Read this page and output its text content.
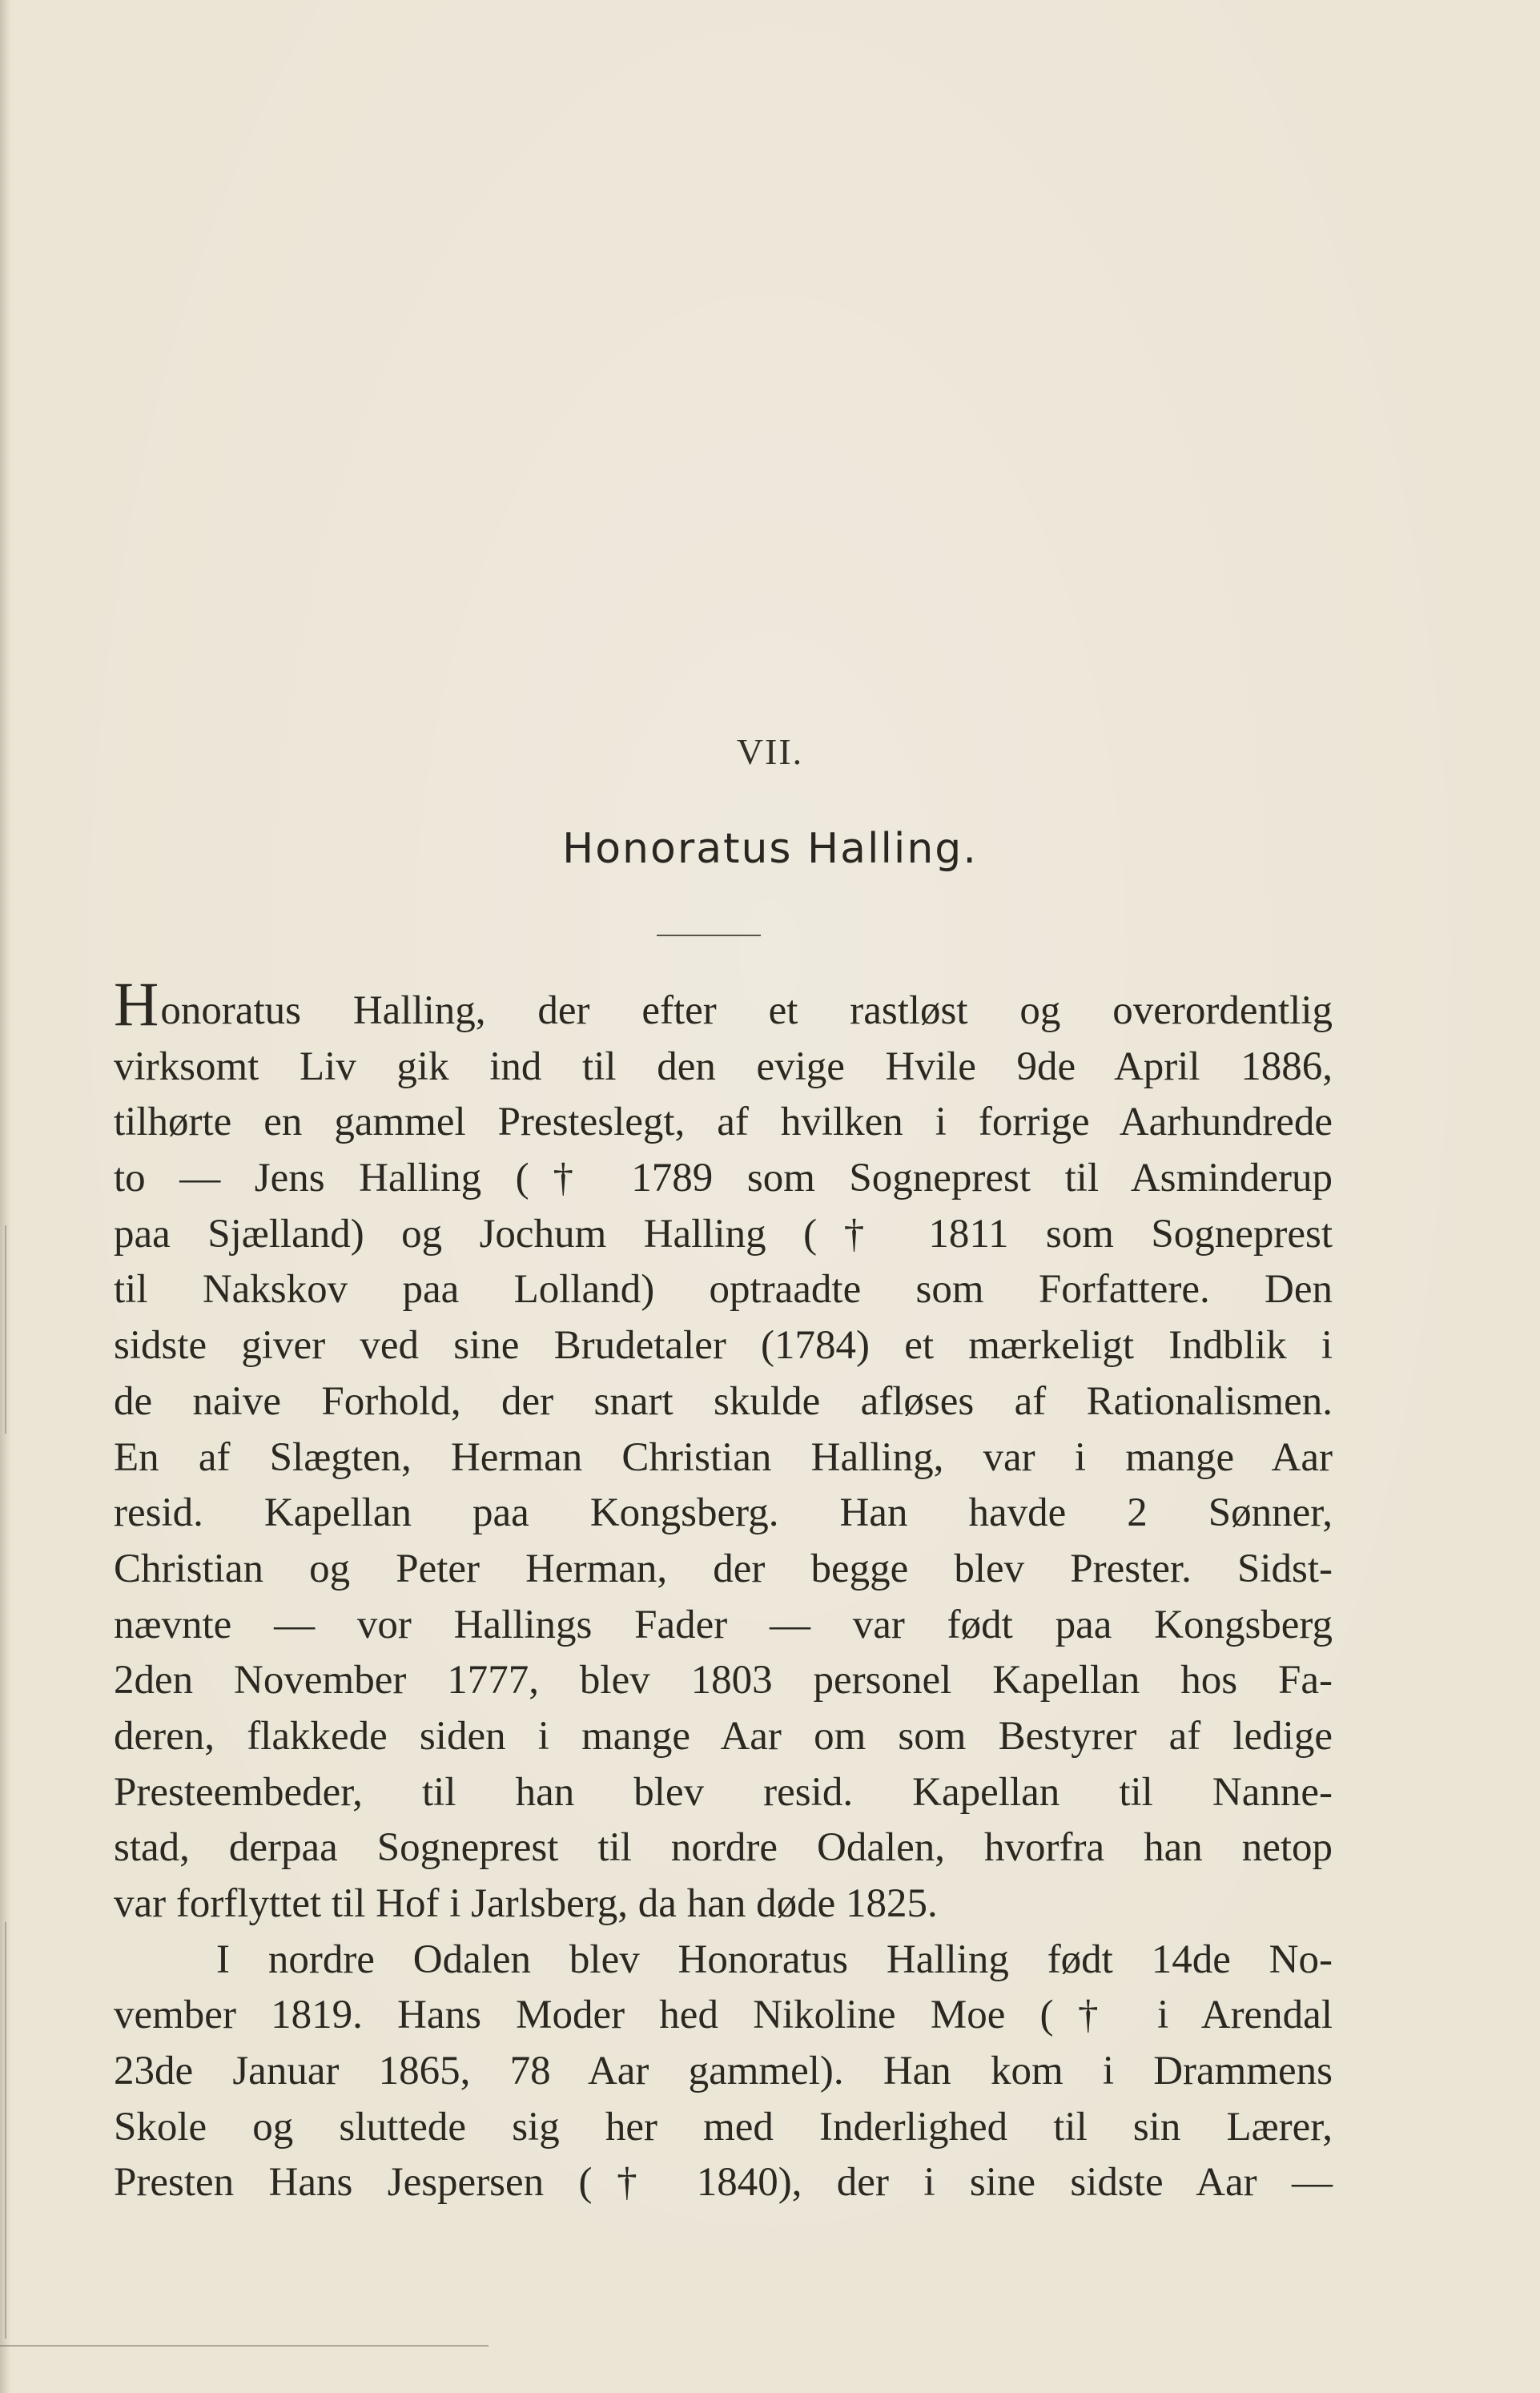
VII.
Honoratus Halling.
Honoratus Halling, der efter et rastløst og overordentlig
virksomt Liv gik ind til den evige Hvile 9de April 1886,
tilhørte en gammel Presteslegt, af hvilken i forrige Aarhundrede
to — Jens Halling († 1789 som Sogneprest til Asminderup
paa Sjælland) og Jochum Halling († 1811 som Sogneprest
til Nakskov paa Lolland) optraadte som Forfattere. Den
sidste giver ved sine Brudetaler (1784) et mærkeligt Indblik i
de naive Forhold, der snart skulde afløses af Rationalismen.
En af Slægten, Herman Christian Halling, var i mange Aar
resid. Kapellan paa Kongsberg. Han havde 2 Sønner,
Christian og Peter Herman, der begge blev Prester. Sidst-
nævnte — vor Hallings Fader — var født paa Kongsberg
2den November 1777, blev 1803 personel Kapellan hos Fa-
deren, flakkede siden i mange Aar om som Bestyrer af ledige
Presteembeder, til han blev resid. Kapellan til Nanne-
stad, derpaa Sogneprest til nordre Odalen, hvorfra han netop
var forflyttet til Hof i Jarlsberg, da han døde 1825.
I nordre Odalen blev Honoratus Halling født 14de No-
vember 1819. Hans Moder hed Nikoline Moe († i Arendal
23de Januar 1865, 78 Aar gammel). Han kom i Drammens
Skole og sluttede sig her med Inderlighed til sin Lærer,
Presten Hans Jespersen († 1840), der i sine sidste Aar —
